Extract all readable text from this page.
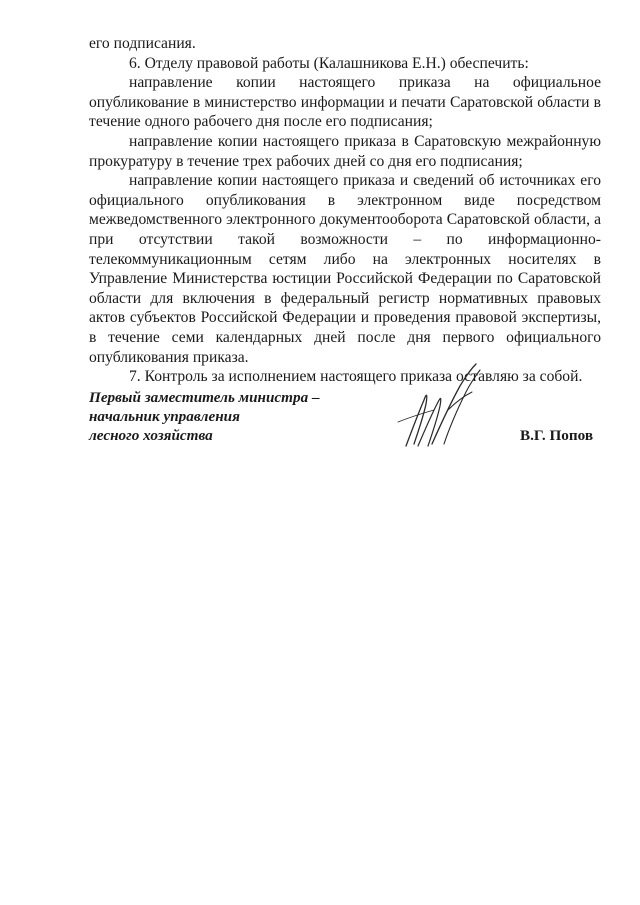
его подписания.

6. Отделу правовой работы (Калашникова Е.Н.) обеспечить:

направление копии настоящего приказа на официальное опубликование в министерство информации и печати Саратовской области в течение одного рабочего дня после его подписания;

направление копии настоящего приказа в Саратовскую межрайонную прокуратуру в течение трех рабочих дней со дня его подписания;

направление копии настоящего приказа и сведений об источниках его официального опубликования в электронном виде посредством межведомственного электронного документооборота Саратовской области, а при отсутствии такой возможности – по информационно-телекоммуникационным сетям либо на электронных носителях в Управление Министерства юстиции Российской Федерации по Саратовской области для включения в федеральный регистр нормативных правовых актов субъектов Российской Федерации и проведения правовой экспертизы, в течение семи календарных дней после дня первого официального опубликования приказа.

7. Контроль за исполнением настоящего приказа оставляю за собой.

Первый заместитель министра –
начальник управления
лесного хозяйства	В.Г. Попов
